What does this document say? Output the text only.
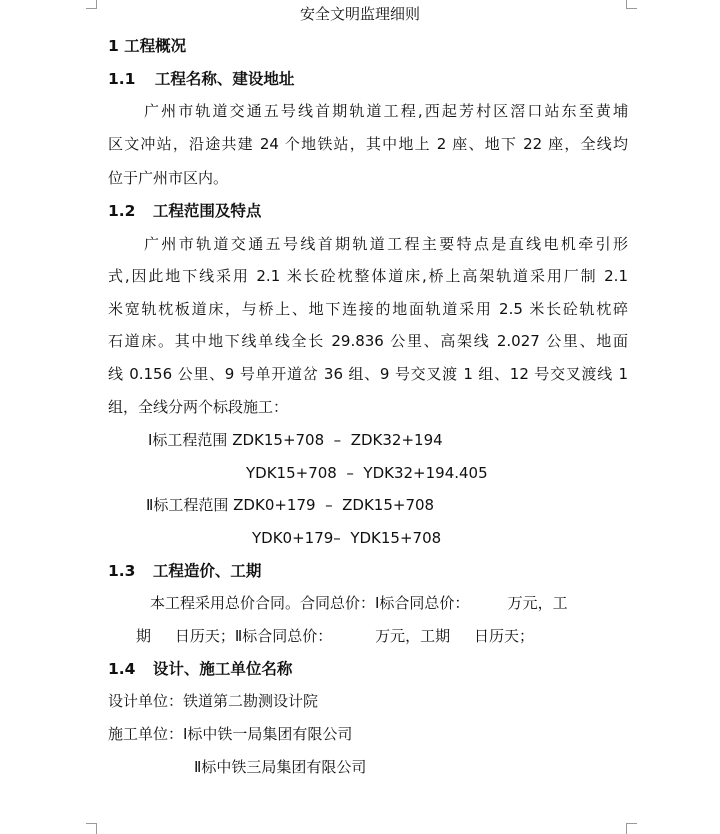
安全文明监理细则
1 工程概况
1.1 工程名称、建设地址
广州市轨道交通五号线首期轨道工程,西起芳村区滘口站东至黄埔
区文冲站，沿途共建 24 个地铁站，其中地上 2 座、地下 22 座，全线均
位于广州市区内。
1.2 工程范围及特点
广州市轨道交通五号线首期轨道工程主要特点是直线电机牵引形
式,因此地下线采用 2.1 米长砼枕整体道床,桥上高架轨道采用厂制 2.1
米宽轨枕板道床，与桥上、地下连接的地面轨道采用 2.5 米长砼轨枕碎
石道床。其中地下线单线全长 29.836 公里、高架线 2.027 公里、地面
线 0.156 公里、9 号单开道岔 36 组、9 号交叉渡 1 组、12 号交叉渡线 1
组，全线分两个标段施工：
Ⅰ标工程范围 ZDK15+708  –  ZDK32+194
YDK15+708  –  YDK32+194.405
Ⅱ标工程范围 ZDK0+179  –  ZDK15+708
YDK0+179–  YDK15+708
1.3 工程造价、工期
本工程采用总价合同。合同总价：Ⅰ标合同总价：        万元，工
期     日历天；Ⅱ标合同总价：         万元，工期     日历天；
1.4 设计、施工单位名称
设计单位：铁道第二勘测设计院
施工单位：Ⅰ标中铁一局集团有限公司
Ⅱ标中铁三局集团有限公司
